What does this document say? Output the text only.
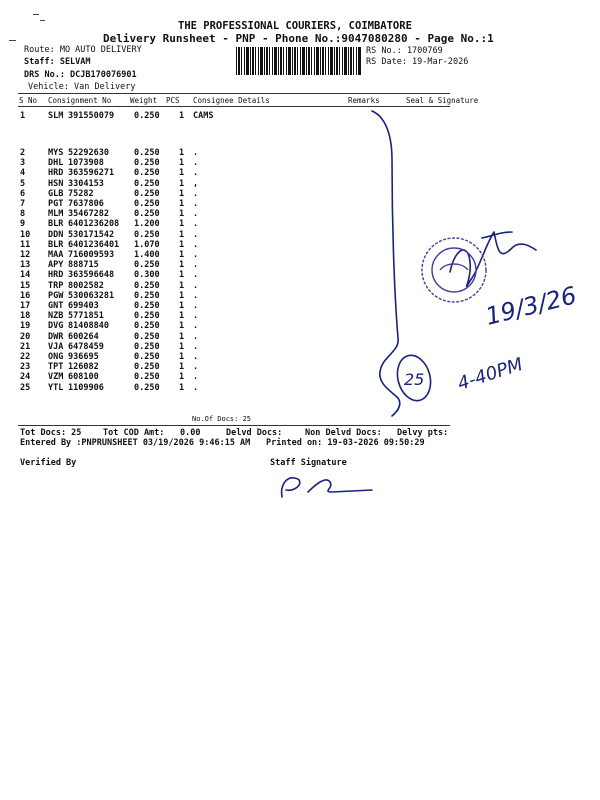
THE PROFESSIONAL COURIERS, COIMBATORE
Delivery Runsheet - PNP - Phone No.:9047080280 - Page No.:1
Route: MO AUTO DELIVERY
Staff: SELVAM
DRS No.: DCJB170076901
Vehicle: Van Delivery
RS No.: 1700769
RS Date: 19-Mar-2026
S No Consignment No	Weight PCS Consignee Details	Remarks	Seal & Signature
1	SLM 391550079 0.250 1 CAMS
2	MYS 52292630	0.250 1 .
3	DHL 1073908	0.250 1 .
4	HRD 363596271 0.250 1 .
5	HSN 3304153	0.250 1 ,
6	GLB 75282	0.250 1 .
7	PGT 7637806	0.250 1 .
8	MLM 35467282	0.250 1 .
9	BLR 6401236208 1.200 1 .
10 DDN 530171542 0.250 1 .
11 BLR 6401236401 1.070 1 .
12 MAA 716009593 1.400 1 .
13 APY 888715	0.250 1 .
14 HRD 363596648 0.300 1 .
15 TRP 8002582	0.250 1 .
16 PGW 530063281 0.250 1 .
17 GNT 699403	0.250 1 .
18 NZB 5771851	0.250 1 .
19 DVG 81408840	0.250 1 .
20 DWR 600264	0.250 1 .
21 VJA 6478459	0.250 1 .
22 ONG 936695	0.250 1 .
23 TPT 126082	0.250 1 .
24 VZM 608100	0.250 1 .
25 YTL 1109906	0.250 1 .
No.Of Docs: 25
Tot Docs: 25	Tot COD Amt: 0.00	Delvd Docs:	Non Delvd Docs: Delvy pts:
Entered By :PNPRUNSHEET 03/19/2026 9:46:15 AM Printed on: 19-03-2026 09:50:29
Verified By	Staff Signature
19/3/26
4-40PM
25
